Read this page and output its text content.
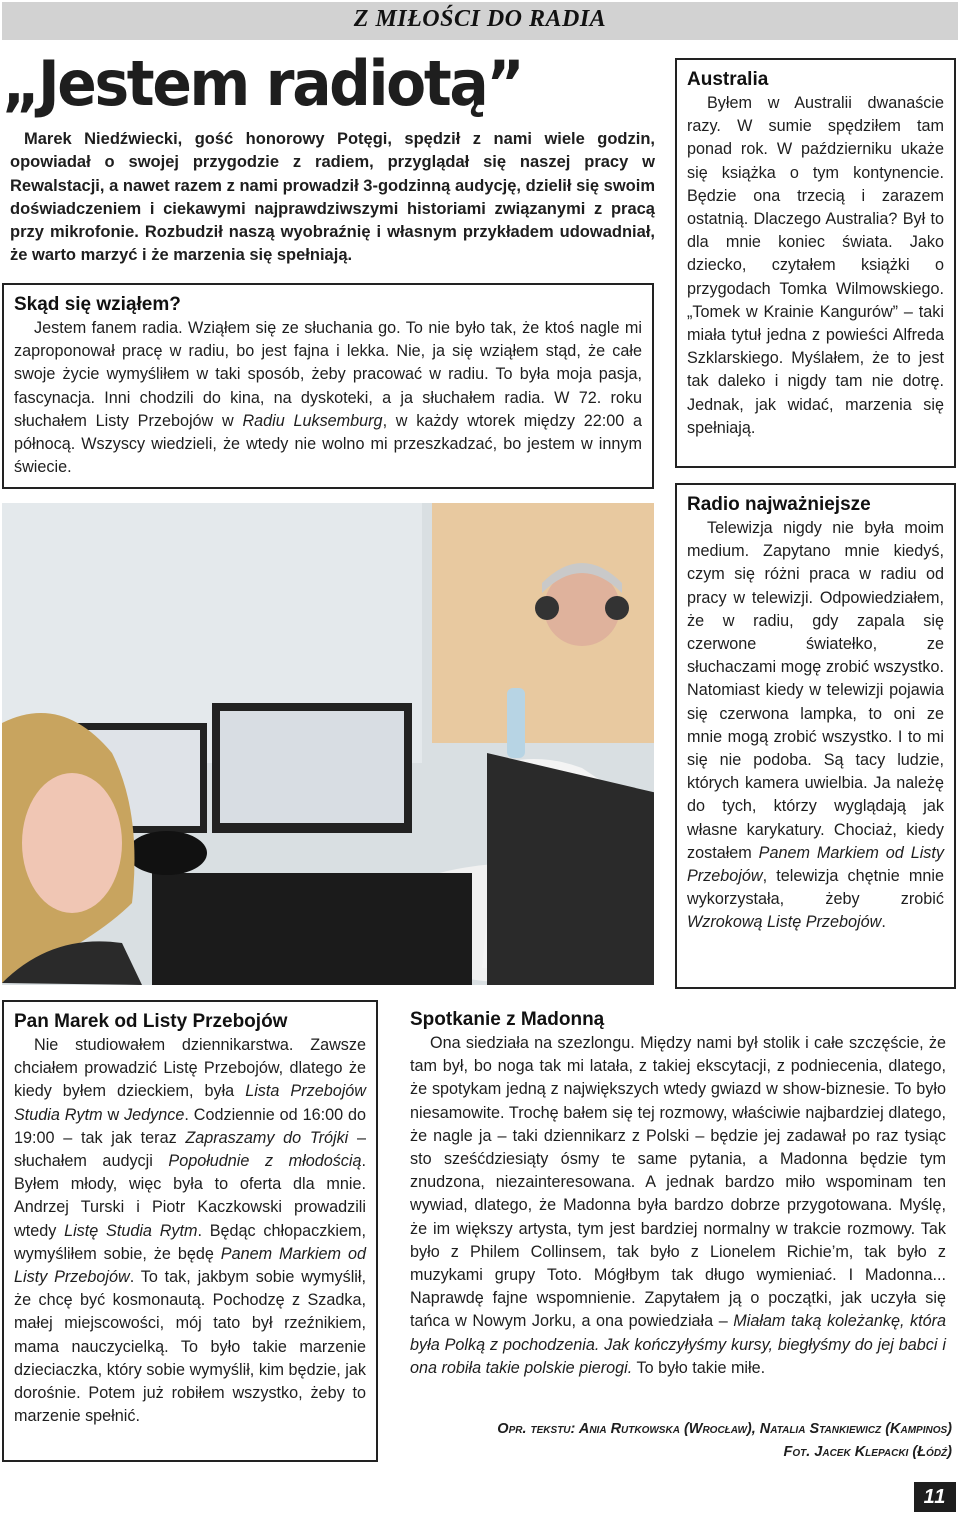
Z MIŁOŚCI DO RADIA
„Jestem radiotą”

Marek Niedźwiecki, gość honorowy Potęgi, spędził z nami wiele godzin, opowiadał o swojej przygodzie z radiem, przyglądał się naszej pracy w Rewalstacji, a nawet razem z nami prowadził 3-godzinną audycję, dzielił się swoim doświadczeniem i ciekawymi najprawdziwszymi historiami związanymi z pracą przy mikrofonie. Rozbudził naszą wyobraźnię i własnym przykładem udowadniał, że warto marzyć i że marzenia się spełniają.

Skąd się wziąłem?

Jestem fanem radia. Wziąłem się ze słuchania go. To nie było tak, że ktoś nagle mi zaproponował pracę w radiu, bo jest fajna i lekka. Nie, ja się wziąłem stąd, że całe swoje życie wymyśliłem w taki sposób, żeby pracować w radiu. To była moja pasja, fascynacja. Inni chodzili do kina, na dyskoteki, a ja słuchałem radia. W 72. roku słuchałem Listy Przebojów w Radiu Luksemburg, w każdy wtorek między 22:00 a północą. Wszyscy wiedzieli, że wtedy nie wolno mi przeszkadzać, bo jestem w innym świecie.

Australia

Byłem w Australii dwanaście razy. W sumie spędziłem tam ponad rok. W październiku ukaże się książka o tym kontynencie. Będzie ona trzecią i zarazem ostatnią. Dlaczego Australia? Był to dla mnie koniec świata. Jako dziecko, czytałem książki o przygodach Tomka Wilmowskiego. „Tomek w Krainie Kangurów” – taki miała tytuł jedna z powieści Alfreda Szklarskiego. Myślałem, że to jest tak daleko i nigdy tam nie dotrę. Jednak, jak widać, marzenia się spełniają.

Radio najważniejsze

Telewizja nigdy nie była moim medium. Zapytano mnie kiedyś, czym się różni praca w radiu od pracy w telewizji. Odpowiedziałem, że w radiu, gdy zapala się czerwone światełko, ze słuchaczami mogę zrobić wszystko. Natomiast kiedy w telewizji pojawia się czerwona lampka, to oni ze mnie mogą zrobić wszystko. I to mi się nie podoba. Są tacy ludzie, których kamera uwielbia. Ja należę do tych, którzy wyglądają jak własne karykatury. Chociaż, kiedy zostałem Panem Markiem od Listy Przebojów, telewizja chętnie mnie wykorzystała, żeby zrobić Wzrokową Listę Przebojów.

Pan Marek od Listy Przebojów

Nie studiowałem dziennikarstwa. Zawsze chciałem prowadzić Listę Przebojów, dlatego że kiedy byłem dzieckiem, była Lista Przebojów Studia Rytm w Jedynce. Codziennie od 16:00 do 19:00 – tak jak teraz Zapraszamy do Trójki – słuchałem audycji Popołudnie z młodością. Byłem młody, więc była to oferta dla mnie. Andrzej Turski i Piotr Kaczkowski prowadzili wtedy Listę Studia Rytm. Będąc chłopaczkiem, wymyśliłem sobie, że będę Panem Markiem od Listy Przebojów. To tak, jakbym sobie wymyślił, że chcę być kosmonautą. Pochodzę z Szadka, małej miejscowości, mój tato był rzeźnikiem, mama nauczycielką. To było takie marzenie dzieciaczka, który sobie wymyślił, kim będzie, jak dorośnie. Potem już robiłem wszystko, żeby to marzenie spełnić.

Spotkanie z Madonną

Ona siedziała na szezlongu. Między nami był stolik i całe szczęście, że tam był, bo noga tak mi latała, z takiej ekscytacji, z podniecenia, dlatego, że spotykam jedną z największych wtedy gwiazd w show-biznesie. To było niesamowite. Trochę bałem się tej rozmowy, właściwie najbardziej dlatego, że nagle ja – taki dziennikarz z Polski – będzie jej zadawał po raz tysiąc sto sześćdziesiąty ósmy te same pytania, a Madonna będzie tym znudzona, niezainteresowana. A jednak bardzo miło wspominam ten wywiad, dlatego, że Madonna była bardzo dobrze przygotowana. Myślę, że im większy artysta, tym jest bardziej normalny w trakcie rozmowy. Tak było z Philem Collinsem, tak było z Lionelem Richie’m, tak było z muzykami grupy Toto. Mógłbym tak długo wymieniać. I Madonna... Naprawdę fajne wspomnienie. Zapytałem ją o początki, jak uczyła się tańca w Nowym Jorku, a ona powiedziała – Miałam taką koleżankę, która była Polką z pochodzenia. Jak kończyłyśmy kursy, biegłyśmy do jej babci i ona robiła takie polskie pierogi. To było takie miłe.

Opr. tekstu: Ania Rutkowska (Wrocław), Natalia Stankiewicz (Kampinos)

Fot. Jacek Klepacki (Łódź)

11
